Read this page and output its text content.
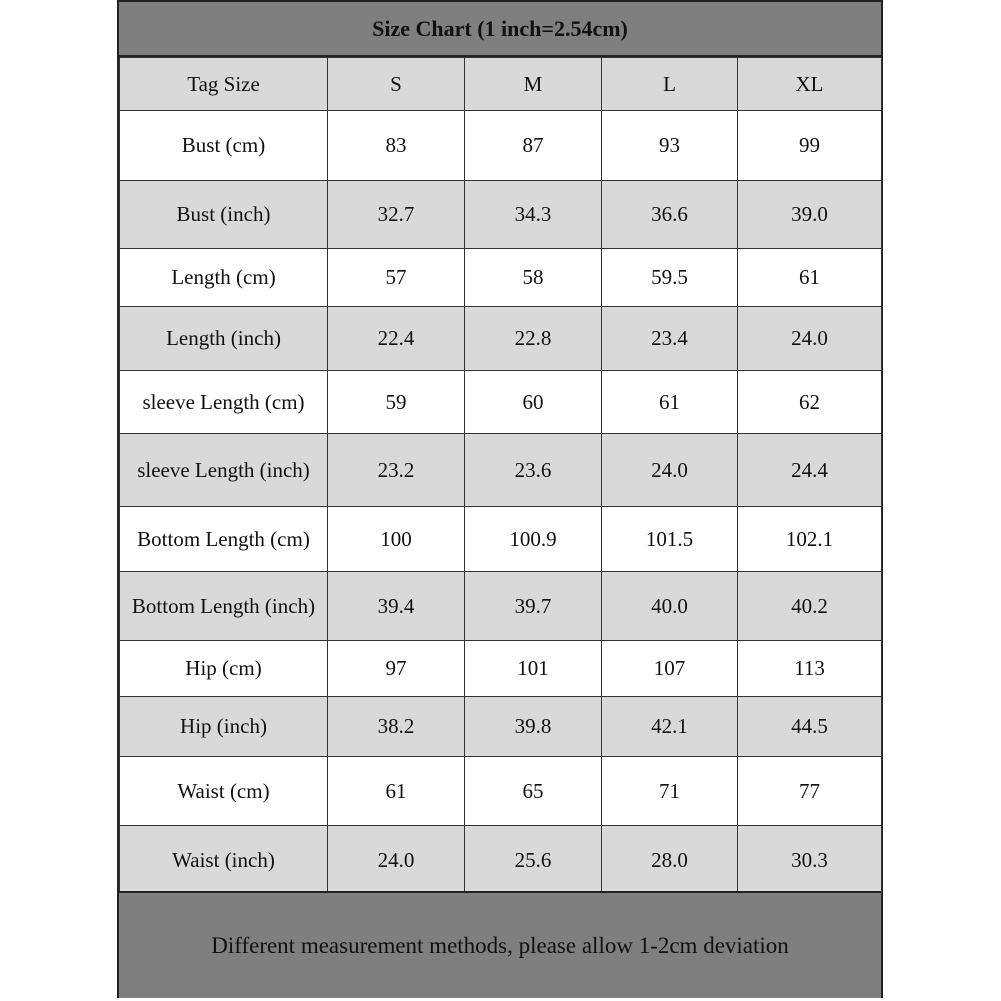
Size Chart (1 inch=2.54cm)
Tag Size	S	M	L	XL
Bust (cm)	83	87	93	99
Bust (inch)	32.7	34.3	36.6	39.0
Length (cm)	57	58	59.5	61
Length (inch)	22.4	22.8	23.4	24.0
sleeve Length (cm)	59	60	61	62
sleeve Length (inch)	23.2	23.6	24.0	24.4
Bottom Length (cm)	100	100.9	101.5	102.1
Bottom Length (inch)	39.4	39.7	40.0	40.2
Hip (cm)	97	101	107	113
Hip (inch)	38.2	39.8	42.1	44.5
Waist (cm)	61	65	71	77
Waist (inch)	24.0	25.6	28.0	30.3
Different measurement methods, please allow 1-2cm deviation
